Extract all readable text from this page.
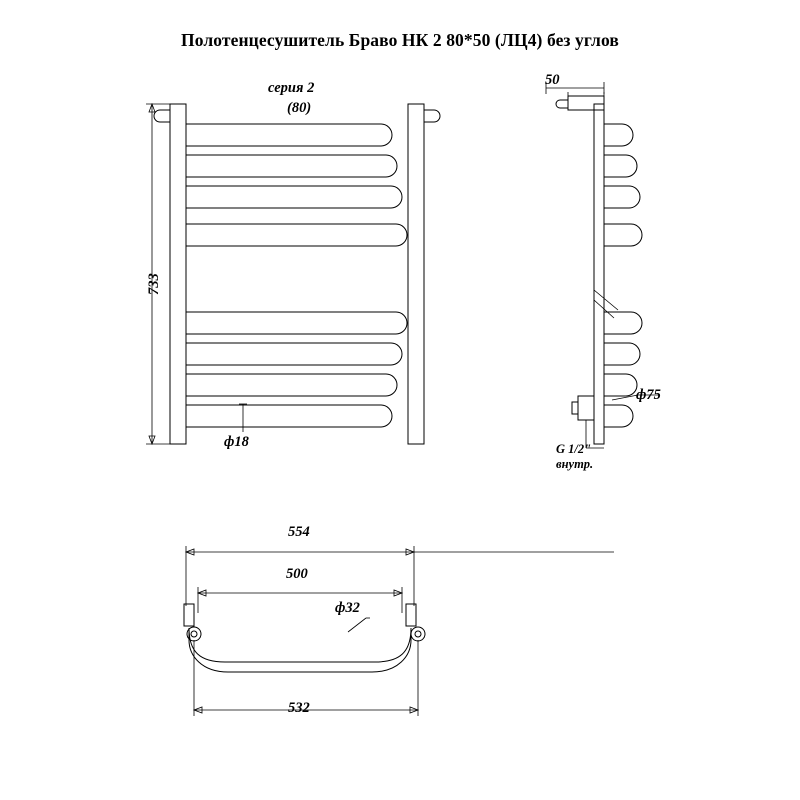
Полотенцесушитель Браво НК 2 80*50 (ЛЦ4) без углов
серия 2
(80)
733
ф18
50
ф75
G 1/2"
внутр.
554
500
ф32
532
